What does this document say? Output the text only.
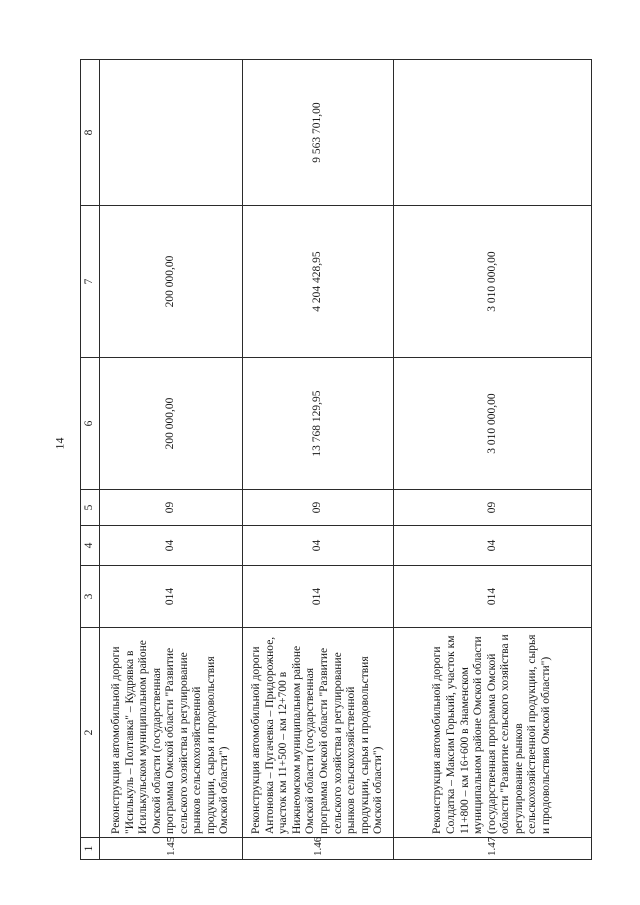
14
1	2	3	4	5	6	7	8
1.45	Реконструкция автомобильной дороги "Исилькуль – Полтавка" – Кудрявка в Исилькульском муниципальном районе Омской области (государственная программа Омской области "Развитие сельского хозяйства и регулирование рынков сельскохозяйственной продукции, сырья и продовольствия Омской области")	014	04	09	200 000,00	200 000,00	
1.46	Реконструкция автомобильной дороги Антоновка – Пугачевка – Придорожное, участок км 11+500 – км 12+700 в Нижнеомском муниципальном районе Омской области (государственная программа Омской области "Развитие сельского хозяйства и регулирование рынков сельскохозяйственной продукции, сырья и продовольствия Омской области")	014	04	09	13 768 129,95	4 204 428,95	9 563 701,00
1.47	Реконструкция автомобильной дороги Солдатка – Максим Горький, участок км 11+800 – км 16+600 в Знаменском муниципальном районе Омской области (государственная программа Омской области "Развитие сельского хозяйства и регулирование рынков сельскохозяйственной продукции, сырья и продовольствия Омской области")	014	04	09	3 010 000,00	3 010 000,00	
